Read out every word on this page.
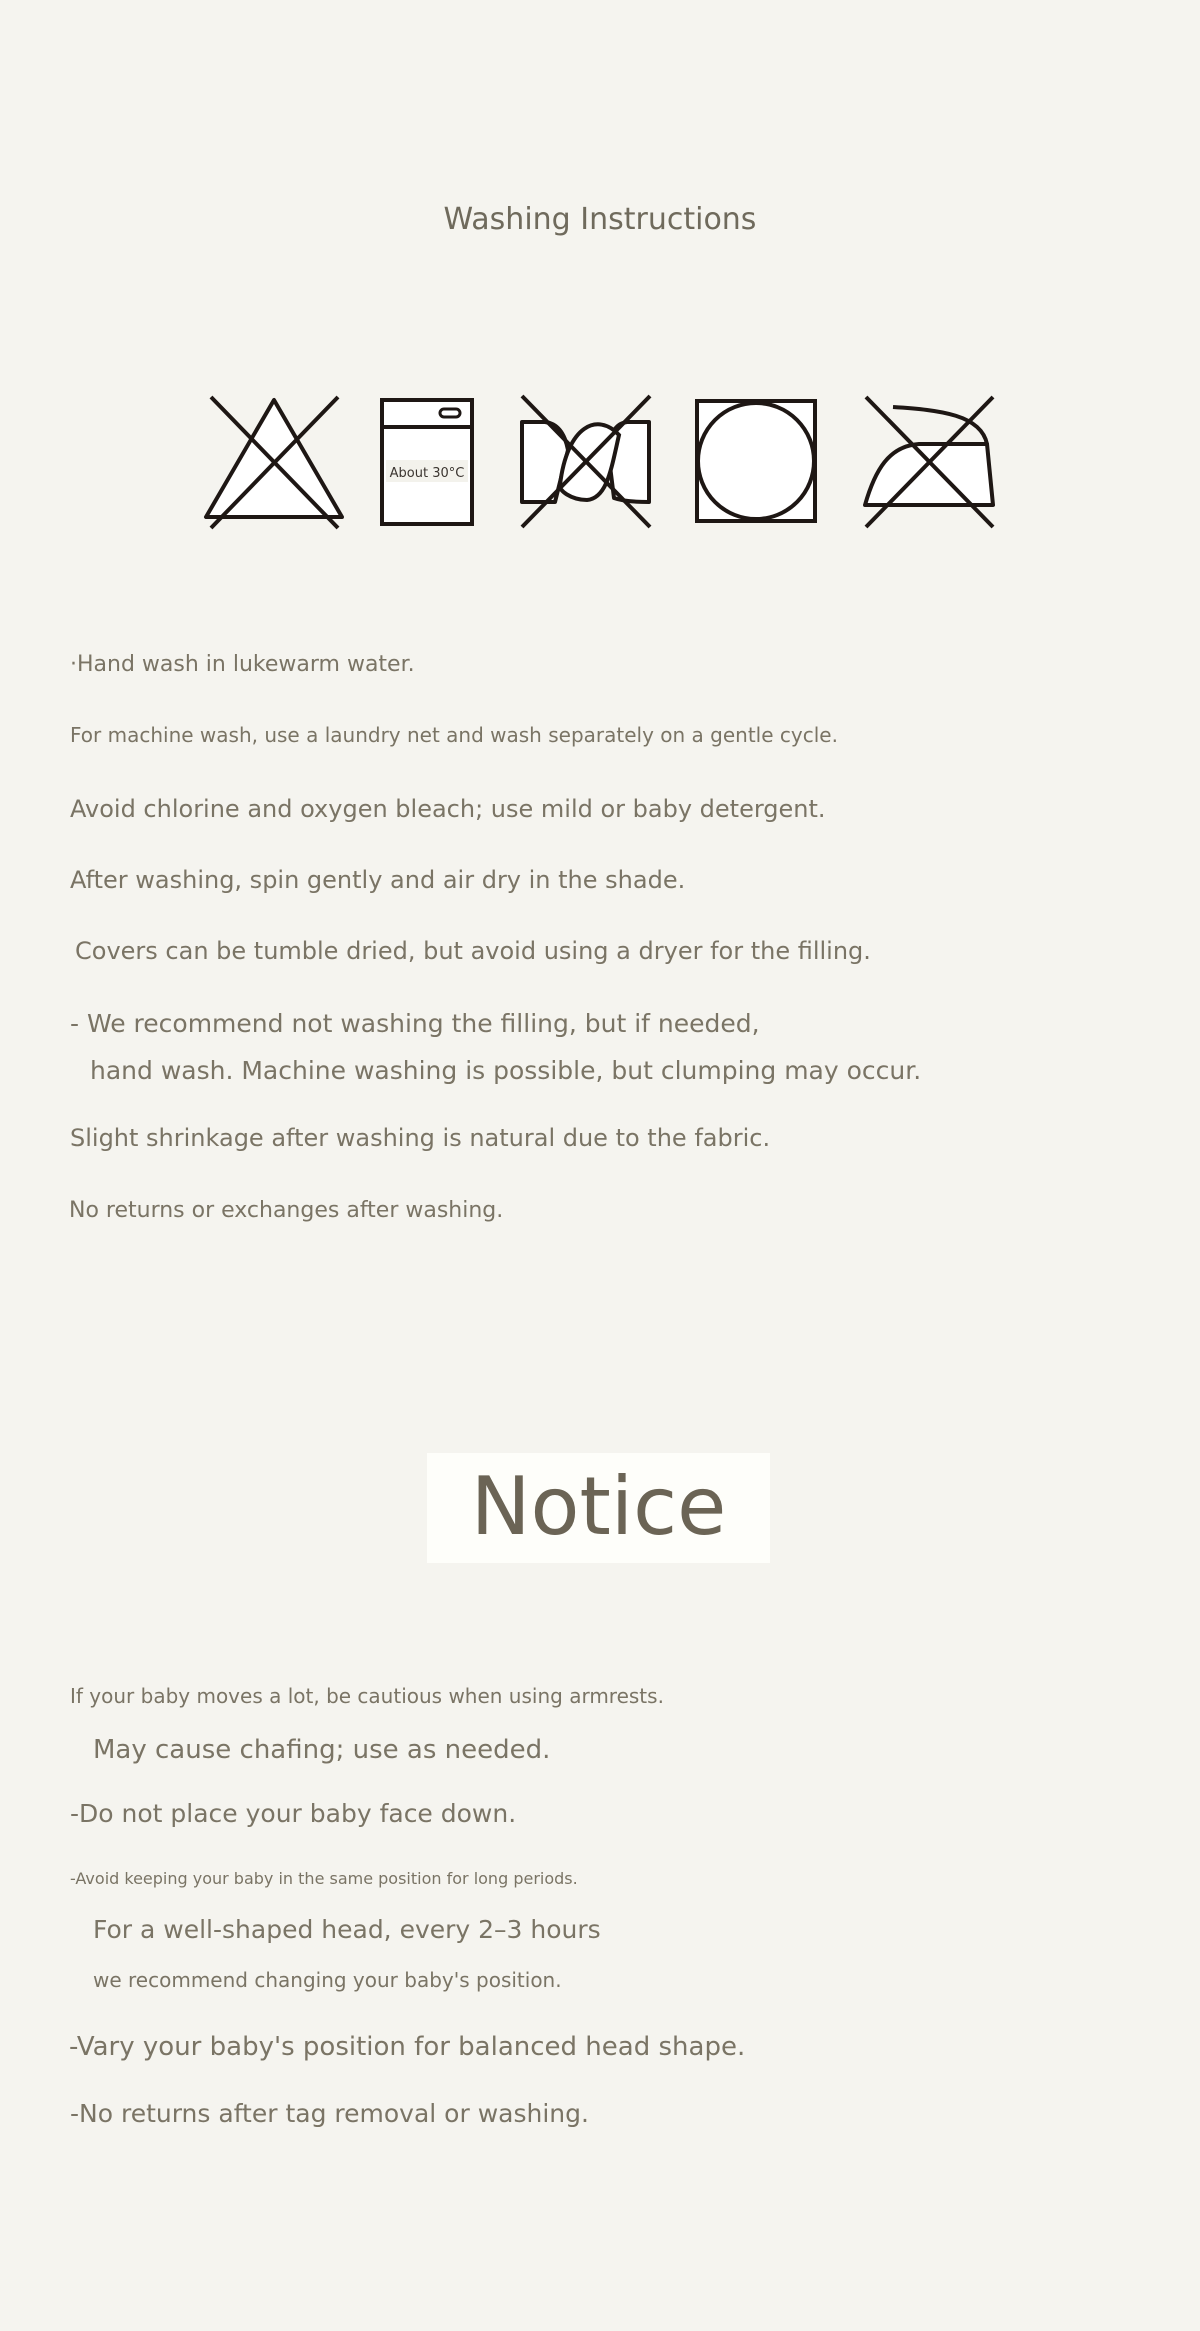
Washing Instructions
About 30°C
·Hand wash in lukewarm water.
For machine wash, use a laundry net and wash separately on a gentle cycle.
Avoid chlorine and oxygen bleach; use mild or baby detergent.
After washing, spin gently and air dry in the shade.
Covers can be tumble dried, but avoid using a dryer for the filling.
- We recommend not washing the filling, but if needed,
hand wash. Machine washing is possible, but clumping may occur.
Slight shrinkage after washing is natural due to the fabric.
No returns or exchanges after washing.
Notice
If your baby moves a lot, be cautious when using armrests.
May cause chafing; use as needed.
-Do not place your baby face down.
-Avoid keeping your baby in the same position for long periods.
For a well-shaped head, every 2–3 hours
we recommend changing your baby's position.
-Vary your baby's position for balanced head shape.
-No returns after tag removal or washing.
